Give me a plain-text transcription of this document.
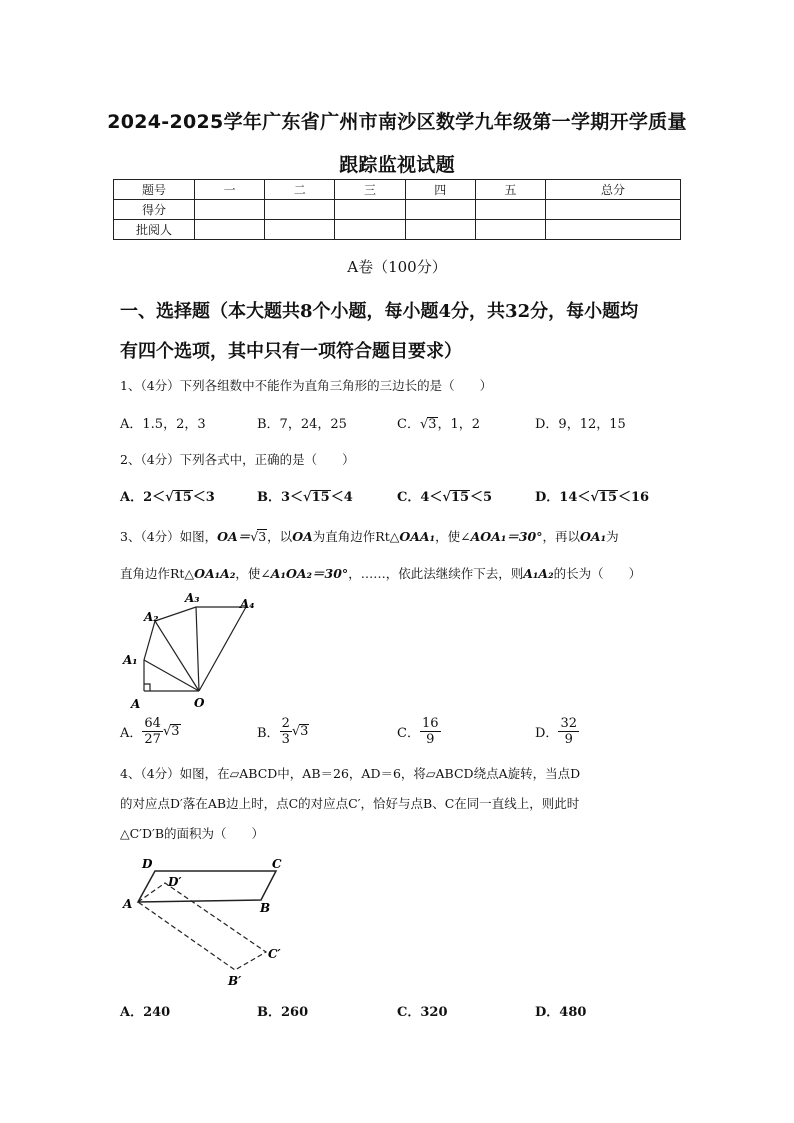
2024-2025学年广东省广州市南沙区数学九年级第一学期开学质量
跟踪监视试题
题号	一	二	三	四	五	总分
得分						
批阅人						
A卷（100分）
一、选择题（本大题共8个小题，每小题4分，共32分，每小题均
有四个选项，其中只有一项符合题目要求）
1、（4分）下列各组数中不能作为直角三角形的三边长的是（　　）
A．1.5，2，3	B．7，24，25	C．√3，1，2	D．9，12，15
2、（4分）下列各式中，正确的是（　　）
A．2＜√15＜3	B．3＜√15＜4	C．4＜√15＜5	D．14＜√15＜16
3、（4分）如图，OA＝√3，以OA为直角边作Rt△OAA₁，使∠AOA₁＝30°，再以OA₁为
直角边作Rt△OA₁A₂，使∠A₁OA₂＝30°，……，依此法继续作下去，则A₁A₂的长为（　　）
A
A₁
A₂
A₃	A₄
O
A． $\frac{64}{27} √3$	B． $\frac{2}{3} √3$	C． $\frac{16}{9}$	D． $\frac{32}{9}$
4、（4分）如图，在▱ABCD中，AB＝26，AD＝6，将▱ABCD绕点A旋转，当点D
的对应点D′落在AB边上时，点C的对应点C′，恰好与点B、C在同一直线上，则此时
△C′D′B的面积为（　　）
D	C
D′
A	B
C′
B′
A．240	B．260	C．320	D．480
